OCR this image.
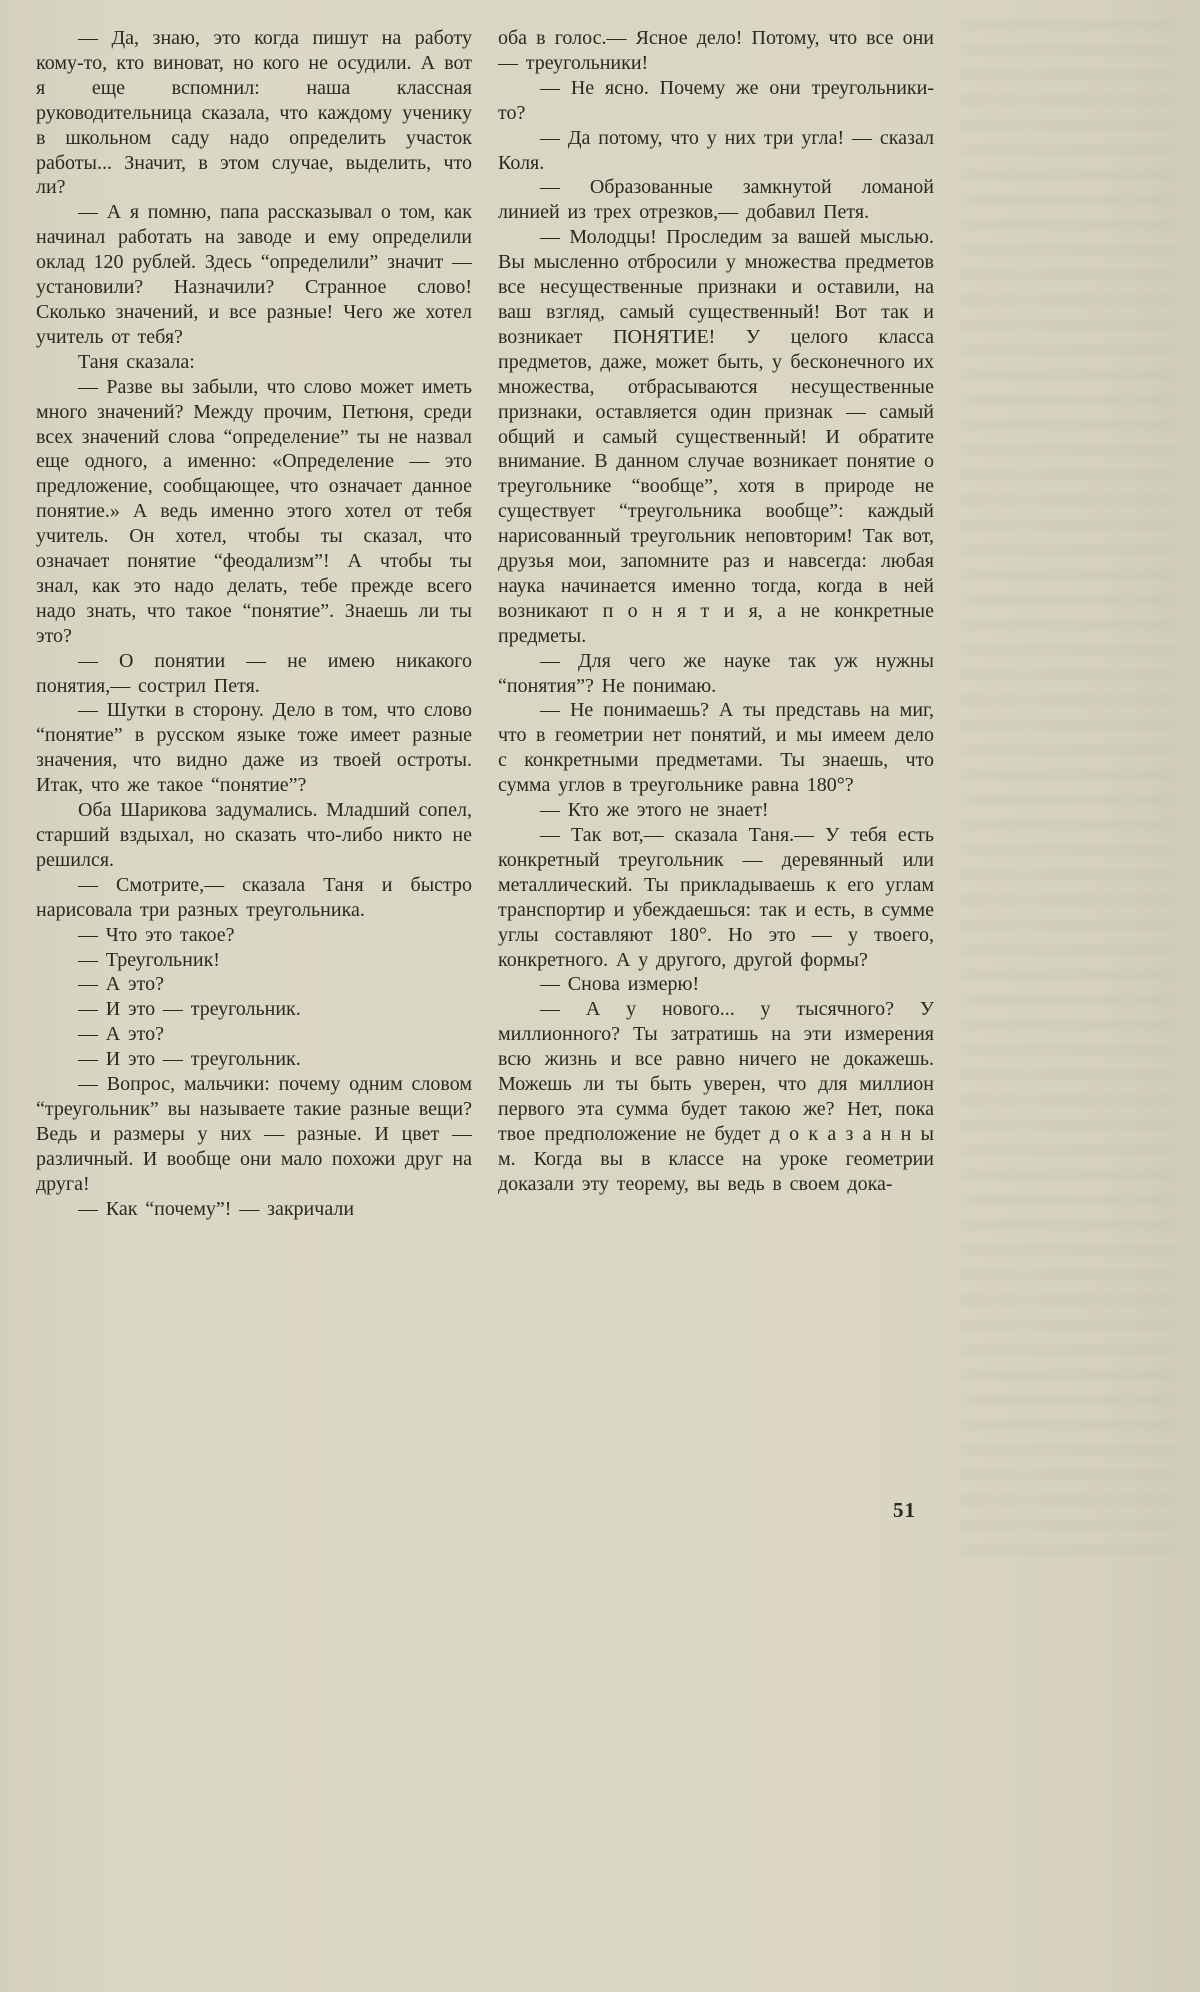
— Да, знаю, это когда пишут на работу кому-то, кто виноват, но кого не осудили. А вот я еще вспомнил: наша классная руководительница сказала, что каждому ученику в школьном саду надо определить участок работы... Значит, в этом случае, выделить, что ли?

— А я помню, папа рассказывал о том, как начинал работать на заводе и ему определили оклад 120 рублей. Здесь “определили” значит — установили? Назначили? Странное слово! Сколько значений, и все разные! Чего же хотел учитель от тебя?

Таня сказала:

— Разве вы забыли, что слово может иметь много значений? Между прочим, Петюня, среди всех значений слова “определение” ты не назвал еще одного, а именно: «Определение — это предложение, сообщающее, что означает данное понятие.» А ведь именно этого хотел от тебя учитель. Он хотел, чтобы ты сказал, что означает понятие “феодализм”! А чтобы ты знал, как это надо делать, тебе прежде всего надо знать, что такое “понятие”. Знаешь ли ты это?

— О понятии — не имею никакого понятия,— сострил Петя.

— Шутки в сторону. Дело в том, что слово “понятие” в русском языке тоже имеет разные значения, что видно даже из твоей остроты. Итак, что же такое “понятие”?

Оба Шарикова задумались. Младший сопел, старший вздыхал, но сказать что-либо никто не решился.

— Смотрите,— сказала Таня и быстро нарисовала три разных треугольника.

— Что это такое?

— Треугольник!

— А это?

— И это — треугольник.

— А это?

— И это — треугольник.

— Вопрос, мальчики: почему одним словом “треугольник” вы называете такие разные вещи? Ведь и размеры у них — разные. И цвет — различный. И вообще они мало похожи друг на друга!

— Как “почему”! — закричали

оба в голос.— Ясное дело! Потому, что все они — треугольники!

— Не ясно. Почему же они треугольники-то?

— Да потому, что у них три угла! — сказал Коля.

— Образованные замкнутой ломаной линией из трех отрезков,— добавил Петя.

— Молодцы! Проследим за вашей мыслью. Вы мысленно отбросили у множества предметов все несущественные признаки и оставили, на ваш взгляд, самый существенный! Вот так и возникает ПОНЯТИЕ! У целого класса предметов, даже, может быть, у бесконечного их множества, отбрасываются несущественные признаки, оставляется один признак — самый общий и самый существенный! И обратите внимание. В данном случае возникает понятие о треугольнике “вообще”, хотя в природе не существует “треугольника вообще”: каждый нарисованный треугольник неповторим! Так вот, друзья мои, запомните раз и навсегда: любая наука начинается именно тогда, когда в ней возникают п о н я т и я, а не конкретные предметы.

— Для чего же науке так уж нужны “понятия”? Не понимаю.

— Не понимаешь? А ты представь на миг, что в геометрии нет понятий, и мы имеем дело с конкретными предметами. Ты знаешь, что сумма углов в треугольнике равна 180°?

— Кто же этого не знает!

— Так вот,— сказала Таня.— У тебя есть конкретный треугольник — деревянный или металлический. Ты прикладываешь к его углам транспортир и убеждаешься: так и есть, в сумме углы составляют 180°. Но это — у твоего, конкретного. А у другого, другой формы?

— Снова измерю!

— А у нового... у тысячного? У миллионного? Ты затратишь на эти измерения всю жизнь и все равно ничего не докажешь. Можешь ли ты быть уверен, что для миллион первого эта сумма будет такою же? Нет, пока твое предположение не будет д о к а з а н н ы м. Когда вы в классе на уроке геометрии доказали эту теорему, вы ведь в своем дока-

51
